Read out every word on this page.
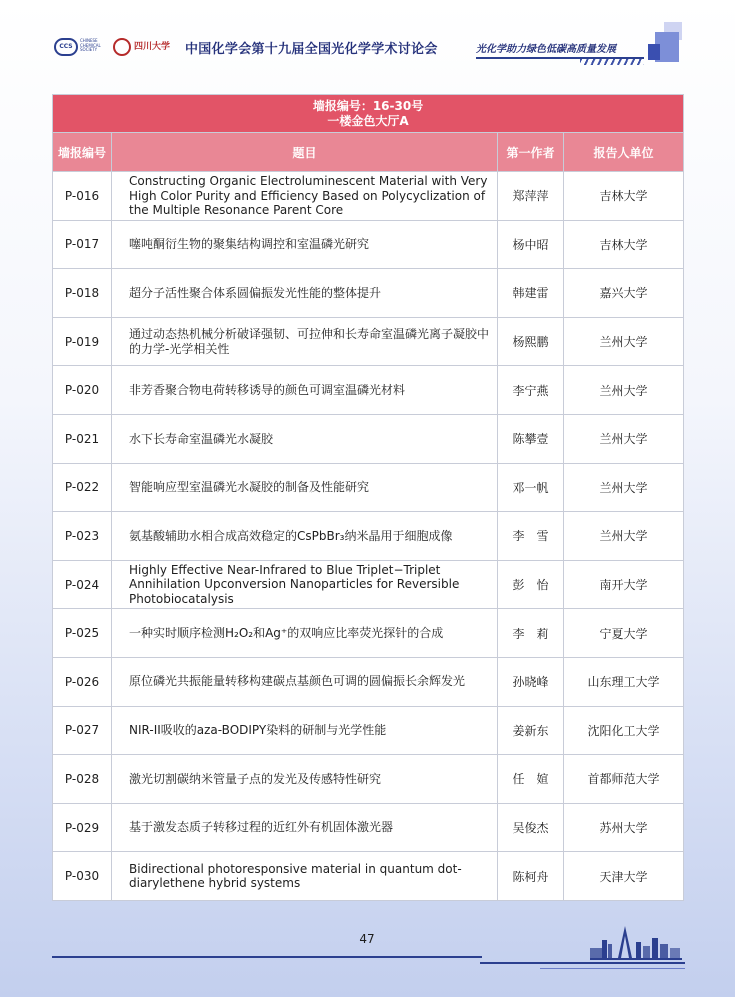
CCS
CHINESE CHEMICAL SOCIETY	四川大学 中国化学会第十九届全国光化学学术讨论会	光化学助力绿色低碳高质量发展
墙报编号：16-30号
一楼金色大厅A			

墙报编号	题目	第一作者	报告人单位
P-016	Constructing Organic Electroluminescent Material with Very High Color Purity and Efficiency Based on Polycyclization of the Multiple Resonance Parent Core	郑萍萍	吉林大学
P-017	噻吨酮衍生物的聚集结构调控和室温磷光研究	杨中昭	吉林大学
P-018	超分子活性聚合体系圆偏振发光性能的整体提升	韩建雷	嘉兴大学
P-019	通过动态热机械分析破译强韧、可拉伸和长寿命室温磷光离子凝胶中的力学-光学相关性	杨熙鹏	兰州大学
P-020	非芳香聚合物电荷转移诱导的颜色可调室温磷光材料	李宁燕	兰州大学
P-021	水下长寿命室温磷光水凝胶	陈攀壹	兰州大学
P-022	智能响应型室温磷光水凝胶的制备及性能研究	邓一帆	兰州大学
P-023	氨基酸辅助水相合成高效稳定的CsPbBr₃纳米晶用于细胞成像	李　雪	兰州大学
P-024	Highly Effective Near-Infrared to Blue Triplet−Triplet Annihilation Upconversion Nanoparticles for Reversible Photobiocatalysis	彭　怡	南开大学
P-025	一种实时顺序检测H₂O₂和Ag⁺的双响应比率荧光探针的合成	李　莉	宁夏大学
P-026	原位磷光共振能量转移构建碳点基颜色可调的圆偏振长余辉发光	孙晓峰	山东理工大学
P-027	NIR-II吸收的aza-BODIPY染料的研制与光学性能	姜新东	沈阳化工大学
P-028	激光切割碳纳米管量子点的发光及传感特性研究	任　媗	首都师范大学
P-029	基于激发态质子转移过程的近红外有机固体激光器	吴俊杰	苏州大学
P-030	Bidirectional photoresponsive material in quantum dot-diarylethene hybrid systems	陈柯舟	天津大学
47
